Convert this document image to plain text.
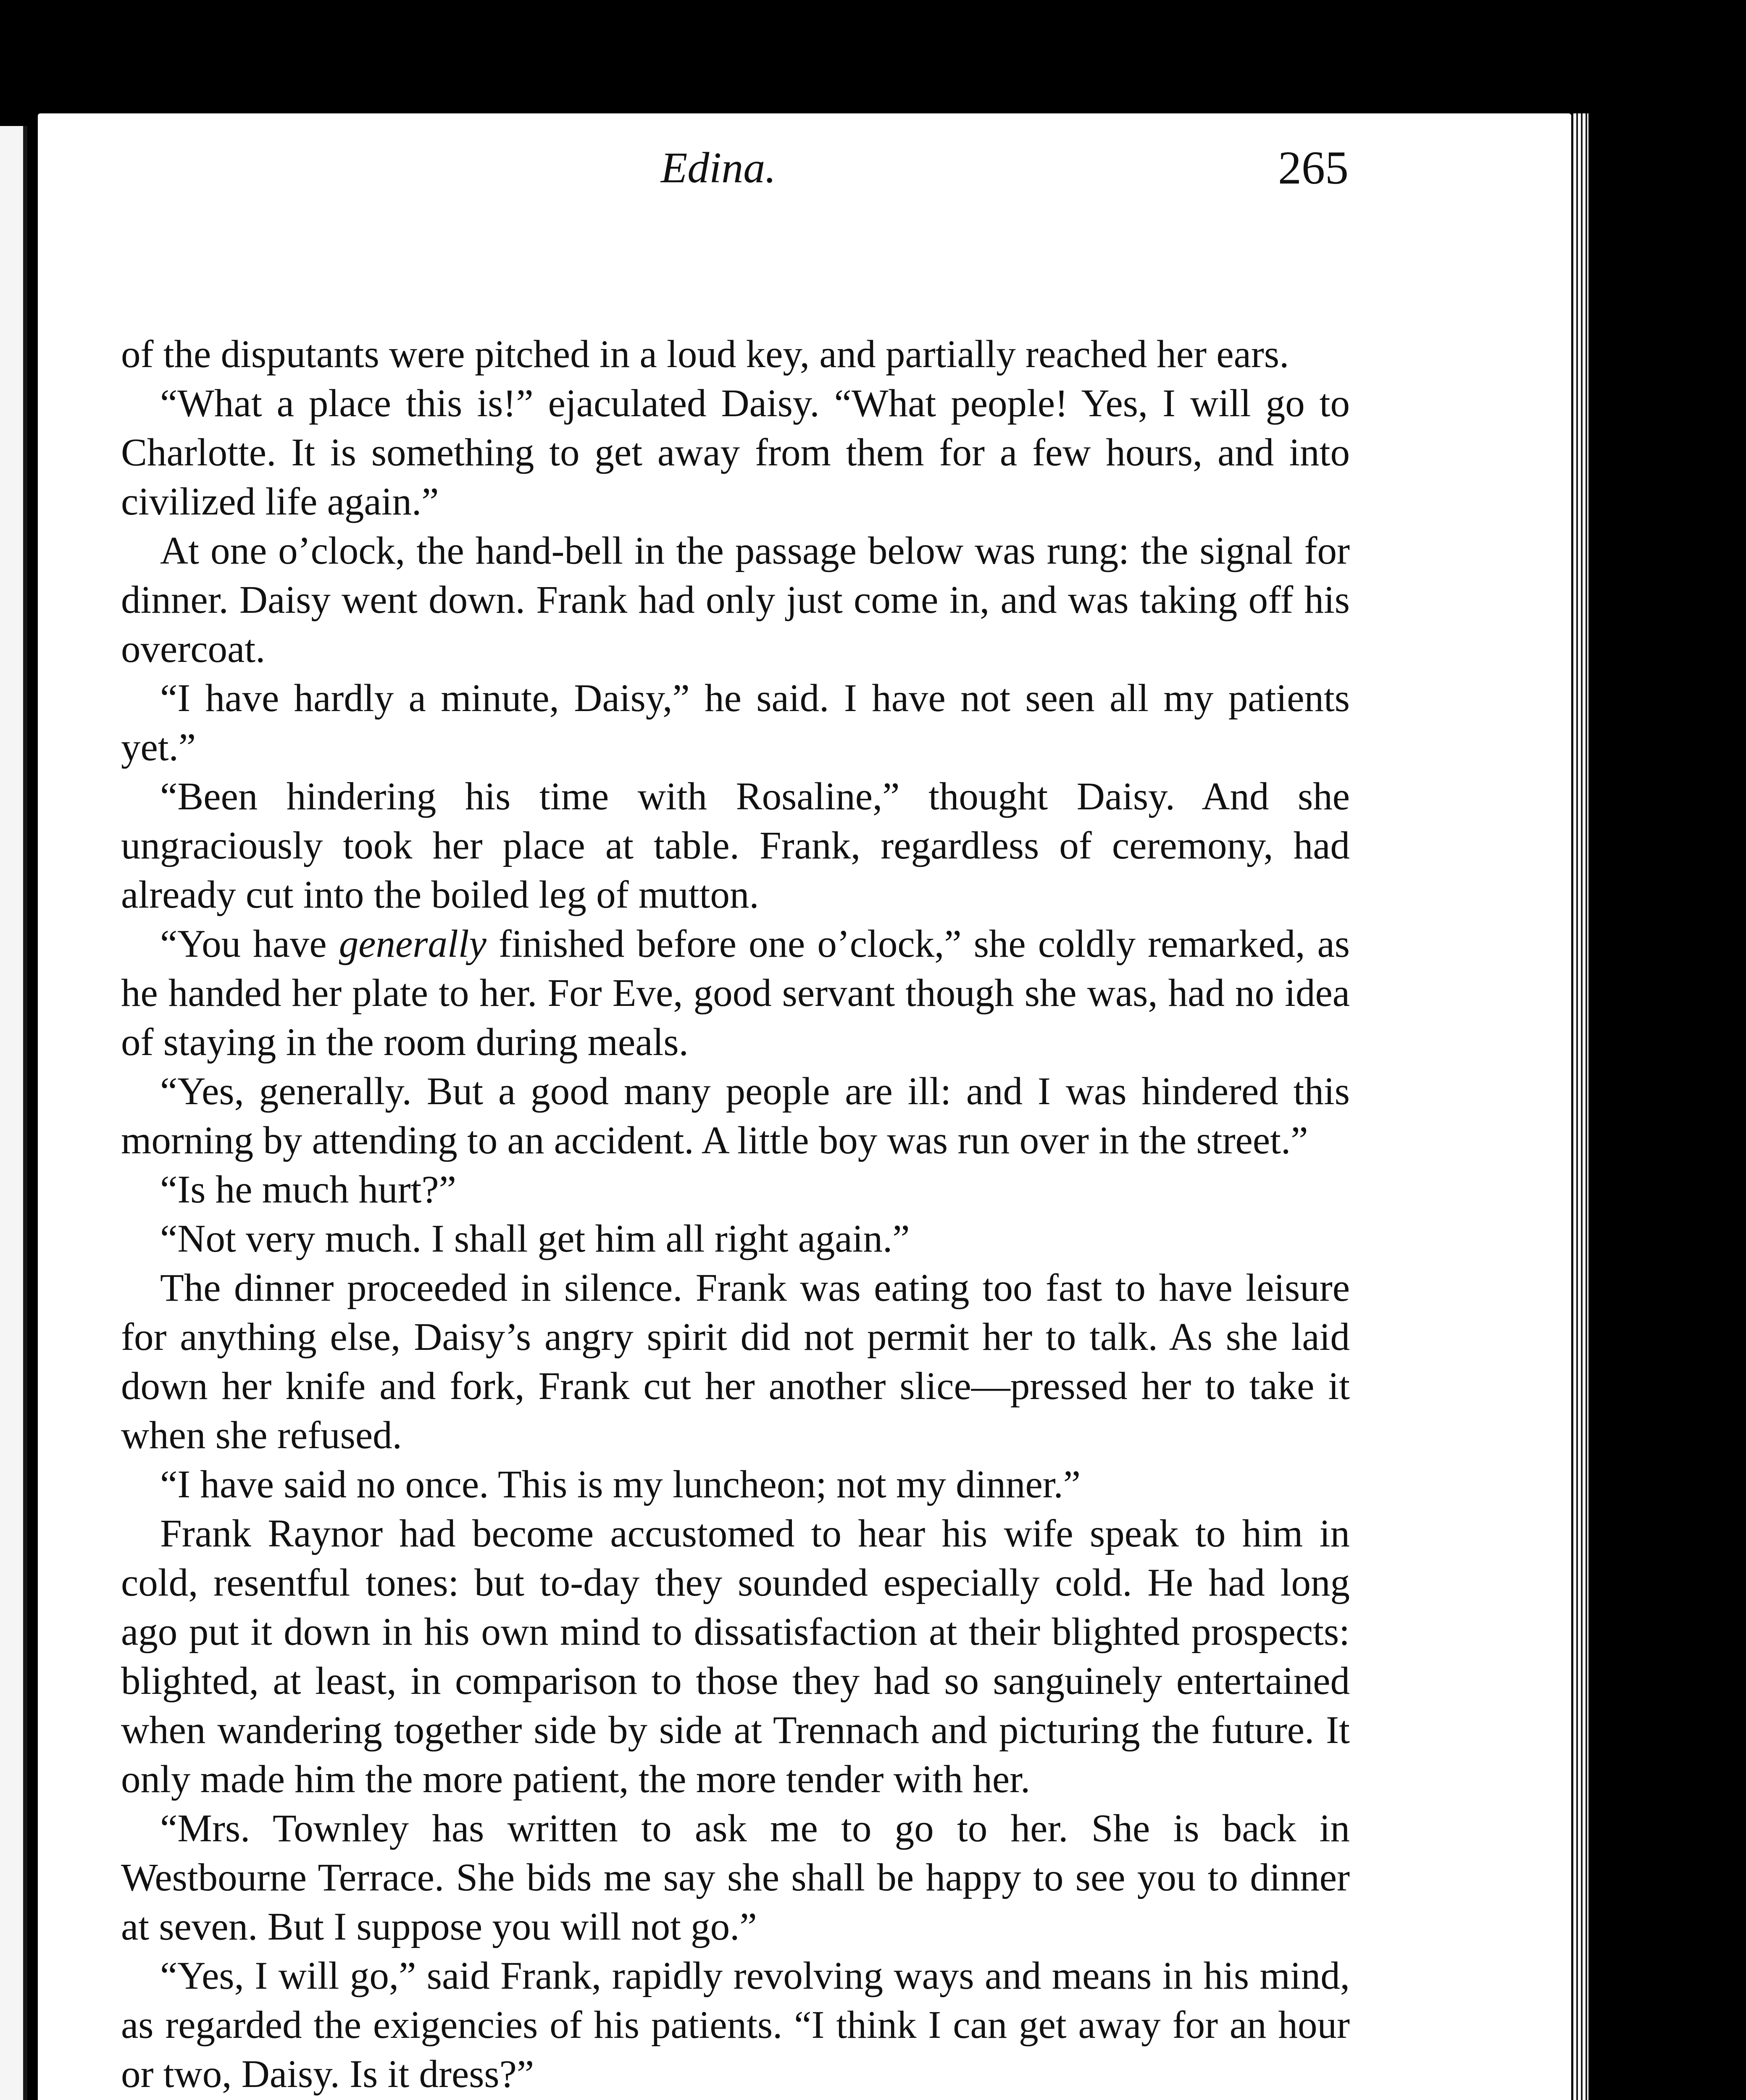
Edina.	265

of the disputants were pitched in a loud key, and partially reached her ears.

“What a place this is!” ejaculated Daisy. “What people! Yes, I will go to Charlotte. It is something to get away from them for a few hours, and into civilized life again.”

At one o’clock, the hand-bell in the passage below was rung: the signal for dinner. Daisy went down. Frank had only just come in, and was taking off his overcoat.

“I have hardly a minute, Daisy,” he said. I have not seen all my patients yet.”

“Been hindering his time with Rosaline,” thought Daisy. And she ungraciously took her place at table. Frank, regardless of ceremony, had already cut into the boiled leg of mutton.

“You have generally finished before one o’clock,” she coldly remarked, as he handed her plate to her. For Eve, good servant though she was, had no idea of staying in the room during meals.

“Yes, generally. But a good many people are ill: and I was hindered this morning by attending to an accident. A little boy was run over in the street.”

“Is he much hurt?”

“Not very much. I shall get him all right again.”

The dinner proceeded in silence. Frank was eating too fast to have leisure for anything else, Daisy’s angry spirit did not permit her to talk. As she laid down her knife and fork, Frank cut her another slice—pressed her to take it when she refused.

“I have said no once. This is my luncheon; not my dinner.”

Frank Raynor had become accustomed to hear his wife speak to him in cold, resentful tones: but to-day they sounded especially cold. He had long ago put it down in his own mind to dissatisfaction at their blighted prospects: blighted, at least, in comparison to those they had so sanguinely entertained when wandering together side by side at Trennach and picturing the future. It only made him the more patient, the more tender with her.

“Mrs. Townley has written to ask me to go to her. She is back in Westbourne Terrace. She bids me say she shall be happy to see you to dinner at seven. But I suppose you will not go.”

“Yes, I will go,” said Frank, rapidly revolving ways and means in his mind, as regarded the exigencies of his patients. “I think I can get away for an hour or two, Daisy. Is it dress?”
